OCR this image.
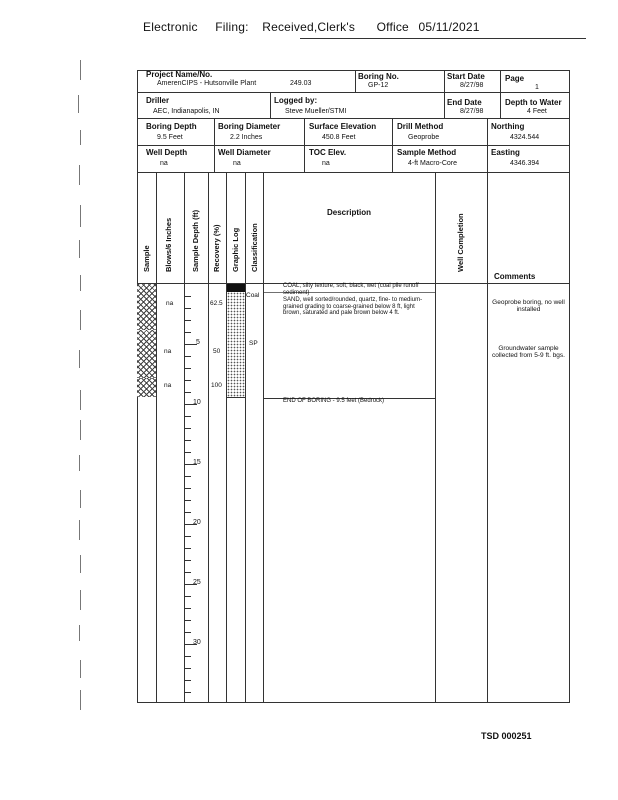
Electronic Filing: Received,Clerk's Office 05/11/2021
Project Name/No.
AmerenCIPS - Hutsonville Plant	249.03
Boring No.
GP-12
Start Date
8/27/98
Page
1
Driller
AEC, Indianapolis, IN
Logged by:
Steve Mueller/STMI
End Date
8/27/98
Depth to Water
4 Feet
Boring Depth
9.5 Feet
Boring Diameter
2.2 Inches
Surface Elevation
450.8 Feet
Drill Method
Geoprobe
Northing
4324.544
Well Depth
na
Well Diameter
na
TOC Elev.
na
Sample Method
4-ft Macro-Core
Easting
4346.394
Sample Blows/6 Inches Sample Depth (ft) Recovery (%) Graphic Log Classification
Description
Well Completion
Comments
na
na
na
62.5
50
100
5
10
15
20
25
30
Coal
SP
COAL, silty texture, soft, black, wet (coal pile runoff sediment)
SAND, well sorted/rounded, quartz, fine- to medium-grained grading to coarse-grained below 8 ft, light brown, saturated and pale brown below 4 ft.
END OF BORING - 9.5 feet (Bedrock)
Geoprobe boring, no well installed
Groundwater sample collected from 5-9 ft. bgs.
TSD 000251
